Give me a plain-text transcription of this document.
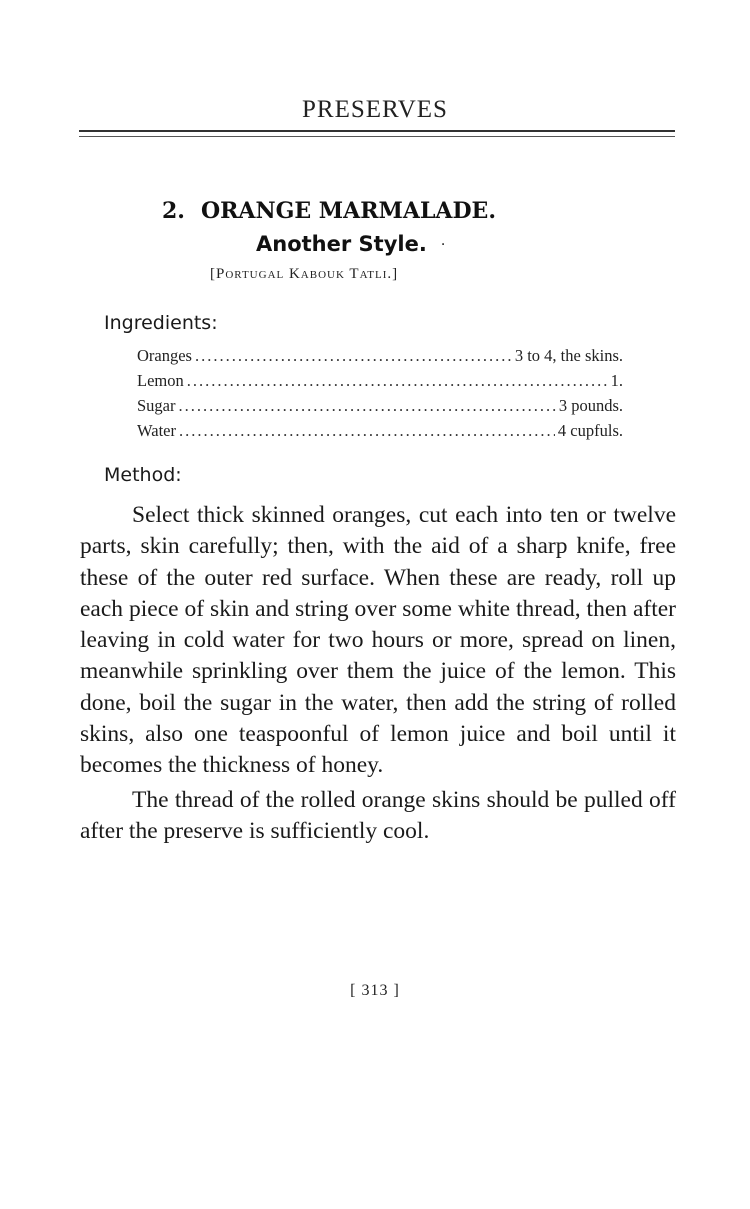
PRESERVES
2. ORANGE MARMALADE.
Another Style. ·
[Portugal Kabouk Tatli.]
Ingredients:
Oranges .....	3 to 4, the skins.
Lemon .....	1.
Sugar .....	3 pounds.
Water .....	4 cupfuls.
Method:

Select thick skinned oranges, cut each into ten or twelve parts, skin carefully; then, with the aid of a sharp knife, free these of the outer red surface. When these are ready, roll up each piece of skin and string over some white thread, then after leaving in cold water for two hours or more, spread on linen, meanwhile sprinkling over them the juice of the lemon. This done, boil the sugar in the water, then add the string of rolled skins, also one teaspoonful of lemon juice and boil until it becomes the thickness of honey.

The thread of the rolled orange skins should be pulled off after the preserve is sufficiently cool.

[ 313 ]
